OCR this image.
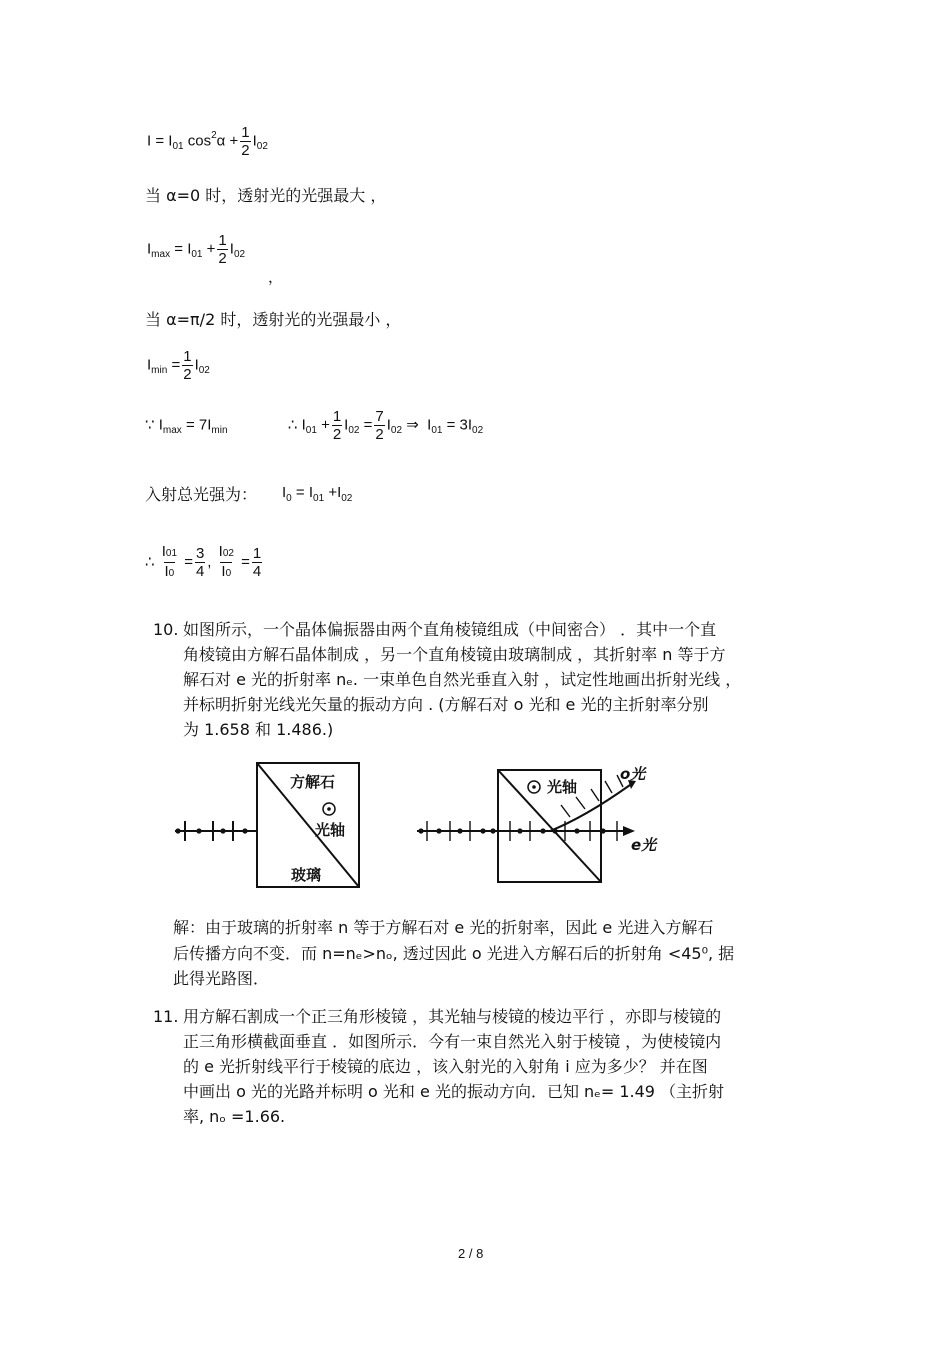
$I = I_{01}$ $\cos^2\alpha + \frac{1}{2} I_{02}$
当 α=0 时，透射光的光强最大 ，
$I_{max} = I_{01} + \frac{1}{2} I_{02}$
，
当 α=π/2 时，透射光的光强最小 ，
$I_{min} = \frac{1}{2} I_{02}$
∵ $I_{max} = 7I_{min}$	∴ $I_{01} + \frac{1}{2} I_{02} = \frac{7}{2} I_{02}$ ⇒ $I_{01} = 3I_{02}$
入射总光强为： $I_0 = I_{01} +I_{02}$
∴ $\frac{I01}{I0} = \frac{3}{4}$ , $\frac{I02}{I0} = \frac{1}{4}$
10. 如图所示，一个晶体偏振器由两个直角棱镜组成（中间密合） ．其中一个直
角棱镜由方解石晶体制成 ，另一个直角棱镜由玻璃制成 ，其折射率 n 等于方
解石对 e 光的折射率 nₑ. 一束单色自然光垂直入射 ，试定性地画出折射光线 ，
并标明折射光线光矢量的振动方向 . (方解石对 o 光和 e 光的主折射率分别
为 1.658 和 1.486.)
方解石
光轴
玻璃
光轴
o光
e光
解：由于玻璃的折射率 n 等于方解石对 e 光的折射率，因此 e 光进入方解石
后传播方向不变．而 n=nₑ>nₒ, 透过因此 o 光进入方解石后的折射角 <45⁰, 据
此得光路图．
11. 用方解石割成一个正三角形棱镜 ，其光轴与棱镜的棱边平行 ，亦即与棱镜的
正三角形横截面垂直 ．如图所示．今有一束自然光入射于棱镜 ，为使棱镜内
的 e 光折射线平行于棱镜的底边 ，该入射光的入射角 i 应为多少？ 并在图
中画出 o 光的光路并标明 o 光和 e 光的振动方向．已知 nₑ= 1.49 （主折射
率, nₒ =1.66.
2 / 8
